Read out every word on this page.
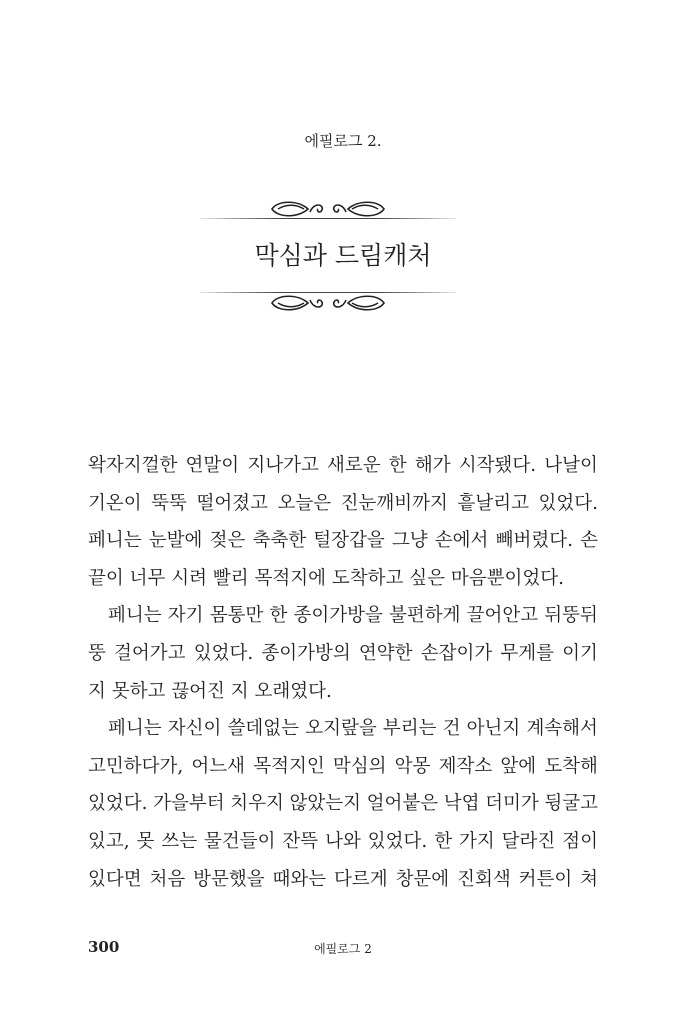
에필로그 2.
막심과 드림캐처
왁자지껄한 연말이 지나가고 새로운 한 해가 시작됐다. 나날이
기온이 뚝뚝 떨어졌고 오늘은 진눈깨비까지 흩날리고 있었다.
페니는 눈발에 젖은 축축한 털장갑을 그냥 손에서 빼버렸다. 손
끝이 너무 시려 빨리 목적지에 도착하고 싶은 마음뿐이었다.
페니는 자기 몸통만 한 종이가방을 불편하게 끌어안고 뒤뚱뒤
뚱 걸어가고 있었다. 종이가방의 연약한 손잡이가 무게를 이기
지 못하고 끊어진 지 오래였다.
페니는 자신이 쓸데없는 오지랖을 부리는 건 아닌지 계속해서
고민하다가, 어느새 목적지인 막심의 악몽 제작소 앞에 도착해
있었다. 가을부터 치우지 않았는지 얼어붙은 낙엽 더미가 뒹굴고
있고, 못 쓰는 물건들이 잔뜩 나와 있었다. 한 가지 달라진 점이
있다면 처음 방문했을 때와는 다르게 창문에 진회색 커튼이 쳐
300	에필로그 2
